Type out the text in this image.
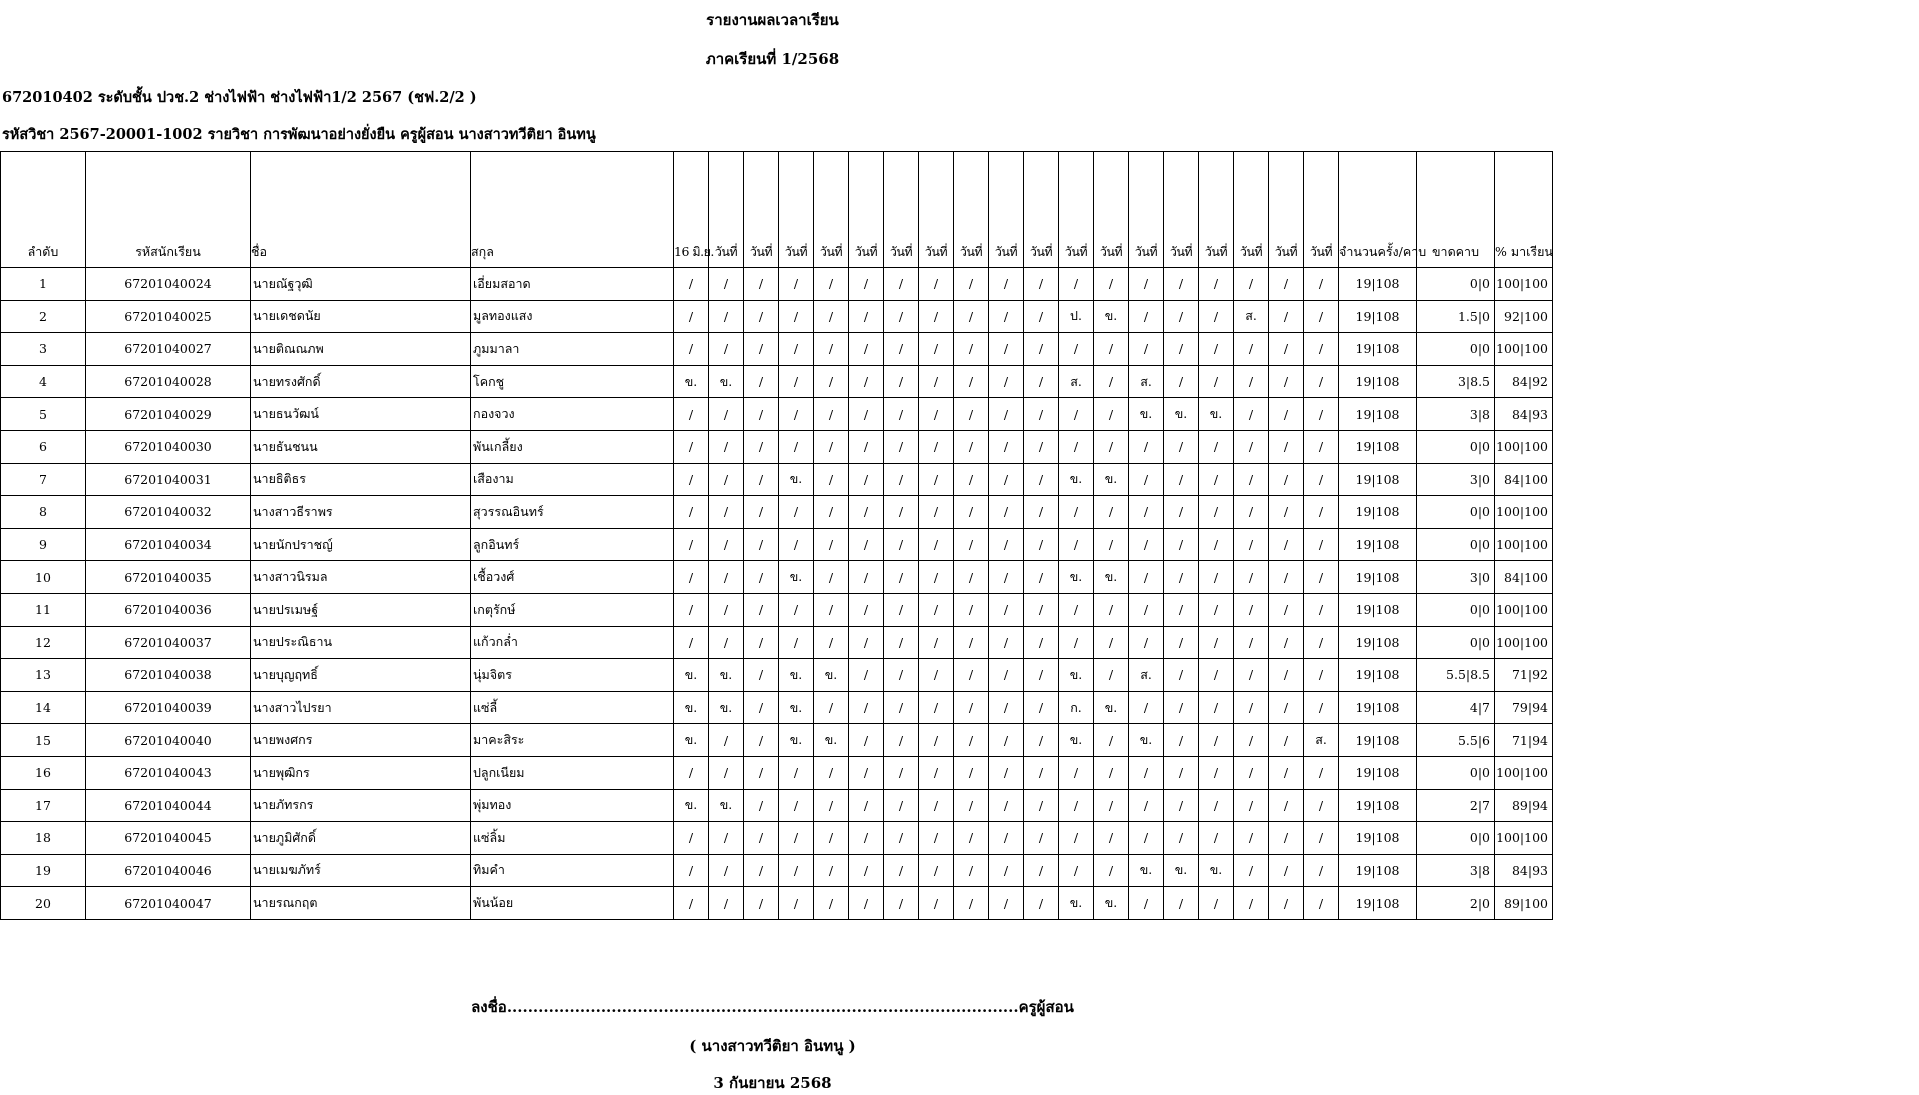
รายงานผลเวลาเรียน
ภาคเรียนที่ 1/2568
672010402 ระดับชั้น ปวช.2 ช่างไฟฟ้า ช่างไฟฟ้า1/2 2567 (ชฟ.2/2 )
รหัสวิชา 2567-20001-1002 รายวิชา การพัฒนาอย่างยั่งยืน ครูผู้สอน นางสาวทวีติยา อินทนู
ลำดับ	รหัสนักเรียน	ชื่อ	สกุล	16 มิ.ย.	วันที่	วันที่	วันที่	วันที่	วันที่	วันที่	วันที่	วันที่	วันที่	วันที่	วันที่	วันที่	วันที่	วันที่	วันที่	วันที่	วันที่	วันที่	จำนวนครั้ง/คาบ	ขาดคาบ	% มาเรียน
1	67201040024	นายณัฐวุฒิ	เอี่ยมสอาด	/	/	/	/	/	/	/	/	/	/	/	/	/	/	/	/	/	/	/	19|108	0|0	100|100
2	67201040025	นายเดชดนัย	มูลทองแสง	/	/	/	/	/	/	/	/	/	/	/	ป.	ข.	/	/	/	ส.	/	/	19|108	1.5|0	92|100
3	67201040027	นายติณณภพ	ภูมมาลา	/	/	/	/	/	/	/	/	/	/	/	/	/	/	/	/	/	/	/	19|108	0|0	100|100
4	67201040028	นายทรงศักดิ์	โคกชู	ข.	ข.	/	/	/	/	/	/	/	/	/	ส.	/	ส.	/	/	/	/	/	19|108	3|8.5	84|92
5	67201040029	นายธนวัฒน์	กองจวง	/	/	/	/	/	/	/	/	/	/	/	/	/	ข.	ข.	ข.	/	/	/	19|108	3|8	84|93
6	67201040030	นายธันชนน	พันเกลี้ยง	/	/	/	/	/	/	/	/	/	/	/	/	/	/	/	/	/	/	/	19|108	0|0	100|100
7	67201040031	นายธิติธร	เสืองาม	/	/	/	ข.	/	/	/	/	/	/	/	ข.	ข.	/	/	/	/	/	/	19|108	3|0	84|100
8	67201040032	นางสาวธีราพร	สุวรรณอินทร์	/	/	/	/	/	/	/	/	/	/	/	/	/	/	/	/	/	/	/	19|108	0|0	100|100
9	67201040034	นายนักปราชญ์	ลูกอินทร์	/	/	/	/	/	/	/	/	/	/	/	/	/	/	/	/	/	/	/	19|108	0|0	100|100
10	67201040035	นางสาวนิรมล	เชื้อวงศ์	/	/	/	ข.	/	/	/	/	/	/	/	ข.	ข.	/	/	/	/	/	/	19|108	3|0	84|100
11	67201040036	นายปรเมษฐ์	เกตุรักษ์	/	/	/	/	/	/	/	/	/	/	/	/	/	/	/	/	/	/	/	19|108	0|0	100|100
12	67201040037	นายประณิธาน	แก้วกล่ำ	/	/	/	/	/	/	/	/	/	/	/	/	/	/	/	/	/	/	/	19|108	0|0	100|100
13	67201040038	นายบุญฤทธิ์	นุ่มจิตร	ข.	ข.	/	ข.	ข.	/	/	/	/	/	/	ข.	/	ส.	/	/	/	/	/	19|108	5.5|8.5	71|92
14	67201040039	นางสาวไปรยา	แซ่ลี้	ข.	ข.	/	ข.	/	/	/	/	/	/	/	ก.	ข.	/	/	/	/	/	/	19|108	4|7	79|94
15	67201040040	นายพงศกร	มาคะสิระ	ข.	/	/	ข.	ข.	/	/	/	/	/	/	ข.	/	ข.	/	/	/	/	ส.	19|108	5.5|6	71|94
16	67201040043	นายพุฒิกร	ปลูกเนียม	/	/	/	/	/	/	/	/	/	/	/	/	/	/	/	/	/	/	/	19|108	0|0	100|100
17	67201040044	นายภัทรกร	พุ่มทอง	ข.	ข.	/	/	/	/	/	/	/	/	/	/	/	/	/	/	/	/	/	19|108	2|7	89|94
18	67201040045	นายภูมิศักดิ์	แซ่ลิ้ม	/	/	/	/	/	/	/	/	/	/	/	/	/	/	/	/	/	/	/	19|108	0|0	100|100
19	67201040046	นายเมฆภัทร์	ทิมคำ	/	/	/	/	/	/	/	/	/	/	/	/	/	ข.	ข.	ข.	/	/	/	19|108	3|8	84|93
20	67201040047	นายรณกฤต	พันน้อย	/	/	/	/	/	/	/	/	/	/	/	ข.	ข.	/	/	/	/	/	/	19|108	2|0	89|100
ลงชื่อ..................................................................................................ครูผู้สอน
( นางสาวทวีติยา อินทนู )
3 กันยายน 2568
